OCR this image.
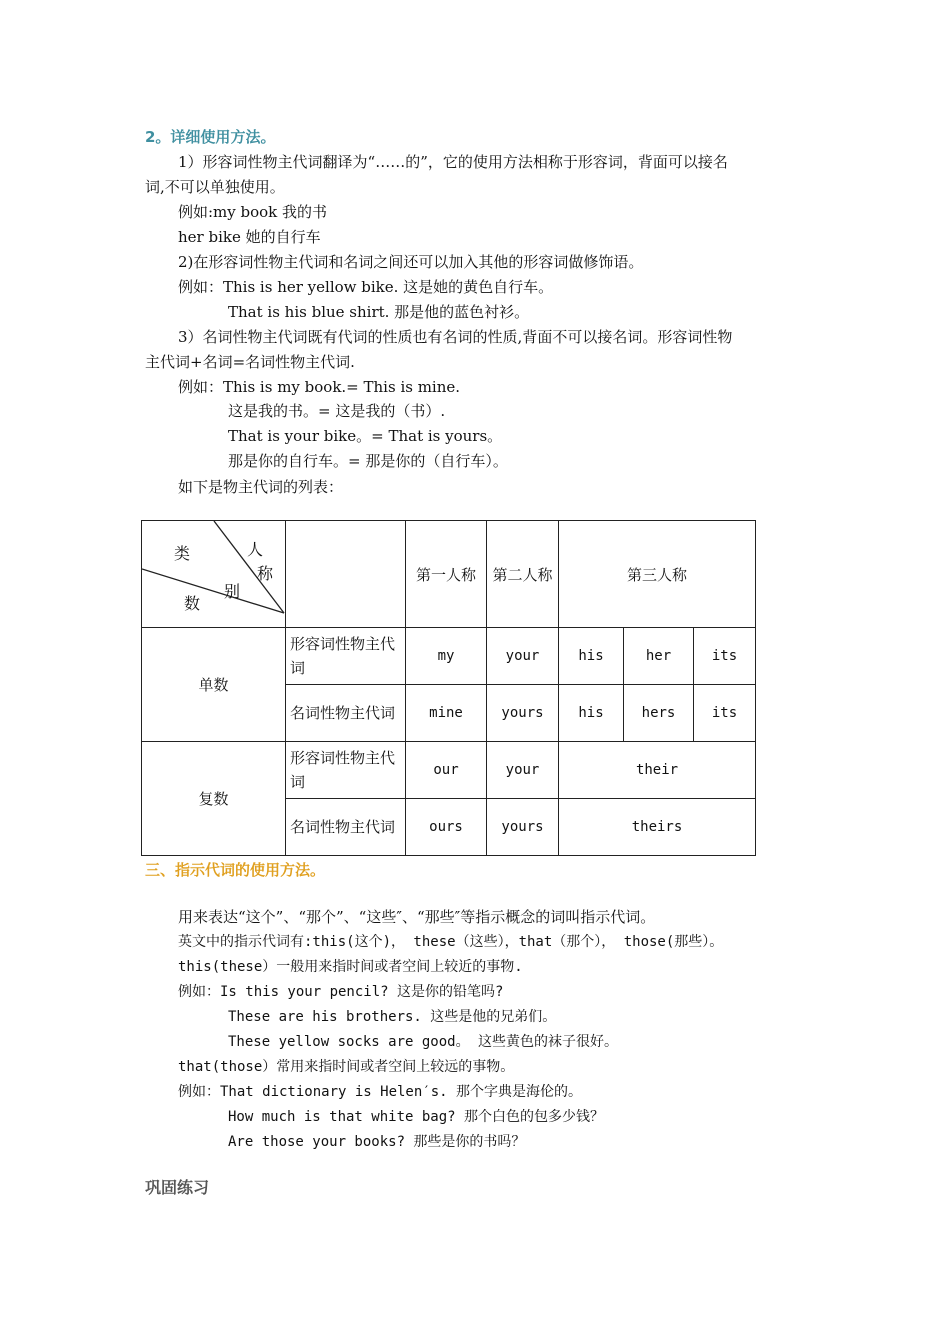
2。详细使用方法。
1）形容词性物主代词翻译为“……的”，它的使用方法相称于形容词，背面可以接名
词,不可以单独使用。
例如:my book 我的书
her bike 她的自行车
2)在形容词性物主代词和名词之间还可以加入其他的形容词做修饰语。
例如：This is her yellow bike. 这是她的黄色自行车。
That is his blue shirt. 那是他的蓝色衬衫。
3）名词性物主代词既有代词的性质也有名词的性质,背面不可以接名词。形容词性物
主代词+名词=名词性物主代词.
例如：This is my book.= This is mine.
这是我的书。= 这是我的（书）.
That is your bike。= That is yours。
那是你的自行车。= 那是你的（自行车）。
如下是物主代词的列表：
类
别
人
称
数		第一人称	第二人称	第三人称		
单数	形容词性物主代词	my	your	his	her	its
	名词性物主代词	mine	yours	his	hers	its
复数	形容词性物主代词	our	your	their		
	名词性物主代词	ours	yours	theirs		
三、指示代词的使用方法。
用来表达“这个”、“那个”、“这些″、“那些″等指示概念的词叫指示代词。
英文中的指示代词有:this(这个)， these（这些），that（那个）， those(那些）。
this(these）一般用来指时间或者空间上较近的事物.
例如：Is this your pencil? 这是你的铅笔吗?
These are his brothers. 这些是他的兄弟们。
These yellow socks are good。 这些黄色的袜子很好。
that(those）常用来指时间或者空间上较远的事物。
例如：That dictionary is Helen′s. 那个字典是海伦的。
How much is that white bag? 那个白色的包多少钱？
Are those your books? 那些是你的书吗？
巩固练习
